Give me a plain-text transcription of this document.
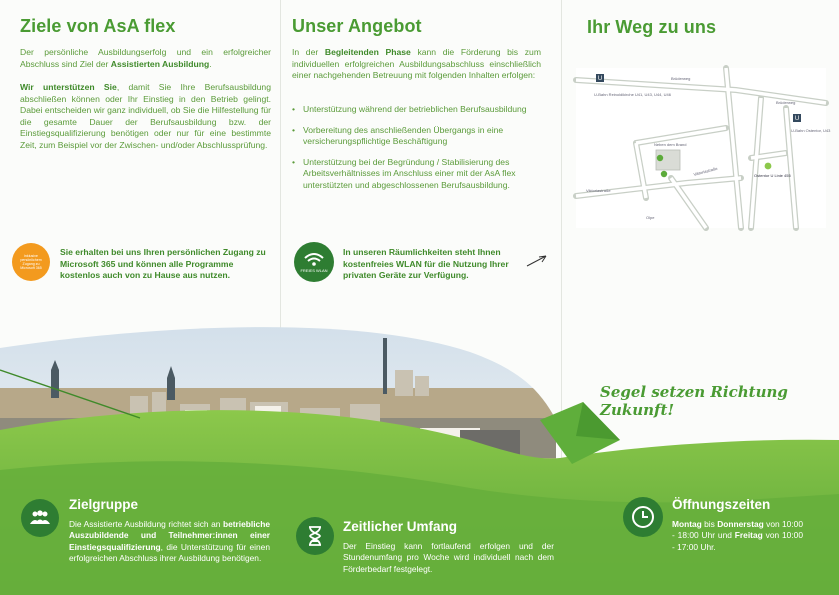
Ziele von AsA flex
Der persönliche Ausbildungserfolg und ein erfolgreicher Abschluss sind Ziel der Assistierten Ausbildung.
Wir unterstützen Sie, damit Sie Ihre Berufsausbildung abschließen können oder Ihr Einstieg in den Betrieb gelingt. Dabei entscheiden wir ganz individuell, ob Sie die Hilfestellung für die gesamte Dauer der Berufsausbildung bzw. der Einstiegsqualifizierung benötigen oder nur für eine bestimmte Zeit, zum Beispiel vor der Zwischen- und/oder Abschlussprüfung.
inklusive persönlichem Zugang zu Microsoft 365
Sie erhalten bei uns Ihren persönlichen Zugang zu Microsoft 365 und können alle Programme kostenlos auch von zu Hause aus nutzen.
Unser Angebot
In der Begleitenden Phase kann die Förderung bis zum individuellen erfolgreichen Ausbildungsabschluss einschließlich einer nachgehenden Betreuung mit folgenden Inhalten erfolgen:
• Unterstützung während der betrieblichen Berufsausbildung
• Vorbereitung des anschließenden Übergangs in eine versicherungspflichtige Beschäftigung
• Unterstützung bei der Begründung / Stabilisierung des Arbeitsverhältnisses im Anschluss einer mit der AsA flex unterstützten und abgeschlossenen Berufsausbildung.
FREIES WLAN
In unseren Räumlichkeiten steht Ihnen kostenfreies WLAN für die Nutzung Ihrer privaten Geräte zur Verfügung.
Ihr Weg zu uns
U
U
U-Bahn Reinoldikirche U41, U43, U44, U46
U-Bahn Ostentor, U43
Ostentor U Linie 455
Brüderweg
Viktoriastraße
Viktoriastraße
Olpe
Neben dem Brand
Brüderweg
Segel setzen Richtung Zukunft!
Zielgruppe
Die Assistierte Ausbildung richtet sich an betriebliche Auszubildende und Teilnehmer:innen einer Einstiegsqualifizierung, die Unterstützung für einen erfolgreichen Abschluss ihrer Ausbildung benötigen.
Zeitlicher Umfang
Der Einstieg kann fortlaufend erfolgen und der Stundenumfang pro Woche wird individuell nach dem Förderbedarf festgelegt.
Öffnungszeiten
Montag bis Donnerstag von 10:00 - 18:00 Uhr und Freitag von 10:00 - 17:00 Uhr.
